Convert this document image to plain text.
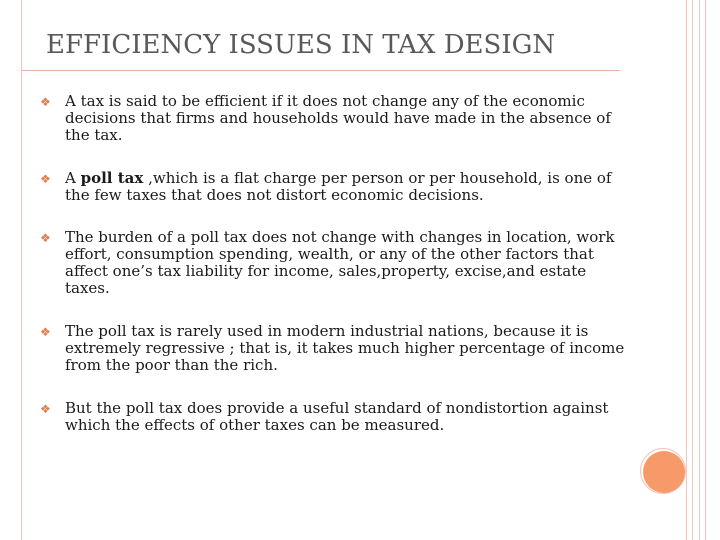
EFFICIENCY ISSUES IN TAX DESIGN
❖ A tax is said to be efficient if it does not change any of the economic decisions that firms and households would have made in the absence of the tax.
❖ A poll tax ,which is a flat charge per person or per household, is one of the few taxes that does not distort economic decisions.
❖ The burden of a poll tax does not change with changes in location, work effort, consumption spending, wealth, or any of the other factors that affect one’s tax liability for income, sales,property, excise,and estate taxes.
❖ The poll tax is rarely used in modern industrial nations, because it is extremely regressive ; that is, it takes much higher percentage of income from the poor than the rich.
❖ But the poll tax does provide a useful standard of nondistortion against which the effects of other taxes can be measured.
